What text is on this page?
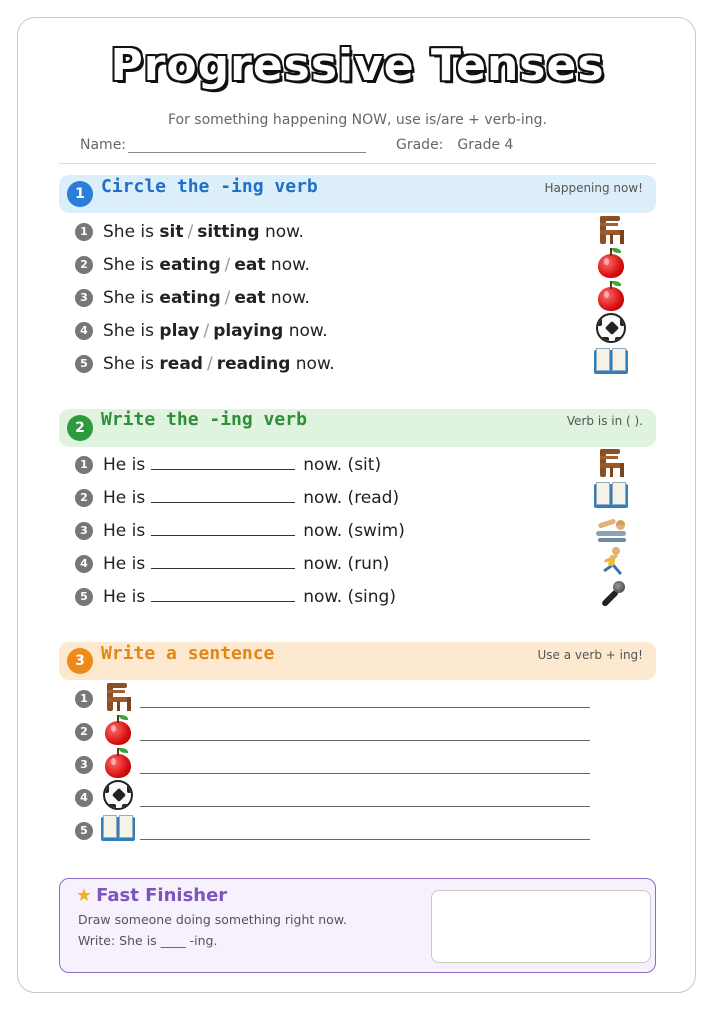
Progressive Tenses
For something happening NOW, use is/are + verb-ing.
Name:	Grade: Grade 4
1 Circle the -ing verb	Happening now!
1 She is sit / sitting now.
2 She is eating / eat now.
3 She is eating / eat now.
4 She is play / playing now.
5 She is read / reading now.
2 Write the -ing verb	Verb is in ( ).
1 He is	now. (sit)
2 He is	now. (read)
3 He is	now. (swim)
4 He is	now. (run)
5 He is	now. (sing)
3 Write a sentence	Use a verb + ing!
1
2
3
4
5
★ Fast Finisher
Draw someone doing something right now.
Write: She is ____ -ing.
